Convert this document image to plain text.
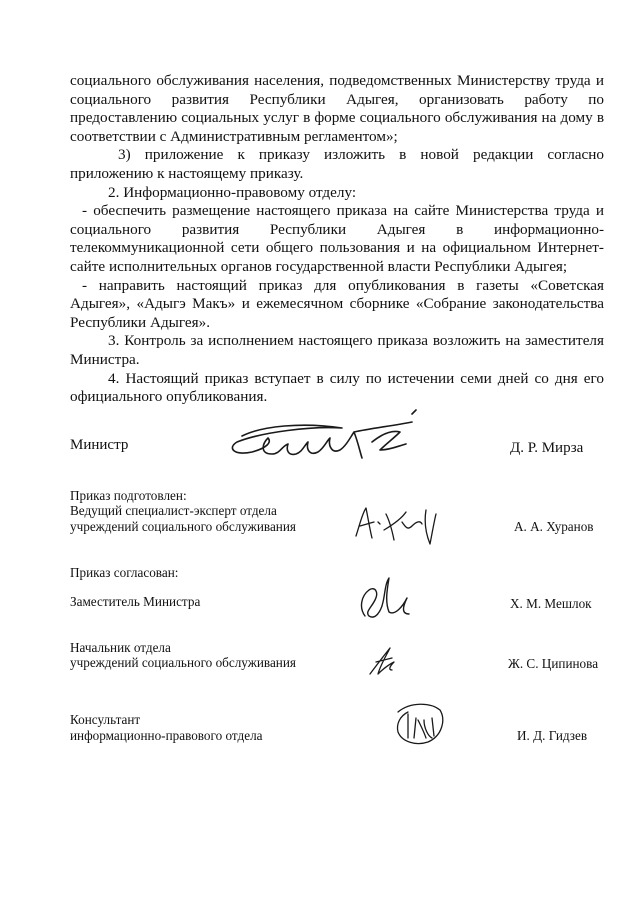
социального обслуживания населения, подведомственных Министерству труда и социального развития Республики Адыгея, организовать работу по предоставлению социальных услуг в форме социального обслуживания на дому в соответствии с Административным регламентом»;

3) приложение к приказу изложить в новой редакции согласно приложению к настоящему приказу.

2. Информационно-правовому отделу:

- обеспечить размещение настоящего приказа на сайте Министерства труда и социального развития Республики Адыгея в информационно-телекоммуникационной сети общего пользования и на официальном Интернет-сайте исполнительных органов государственной власти Республики Адыгея;

- направить настоящий приказ для опубликования в газеты «Советская Адыгея», «Адыгэ Макъ» и ежемесячном сборнике «Собрание законодательства Республики Адыгея».

3. Контроль за исполнением настоящего приказа возложить на заместителя Министра.

4. Настоящий приказ вступает в силу по истечении семи дней со дня его официального опубликования.

Министр	Д. Р. Мирза
Приказ подготовлен:
Ведущий специалист-эксперт отдела
учреждений социального обслуживания	А. А. Хуранов
Приказ согласован:
Заместитель Министра	Х. М. Мешлок
Начальник отдела
учреждений социального обслуживания	Ж. С. Ципинова
Консультант
информационно-правового отдела	И. Д. Гидзев
